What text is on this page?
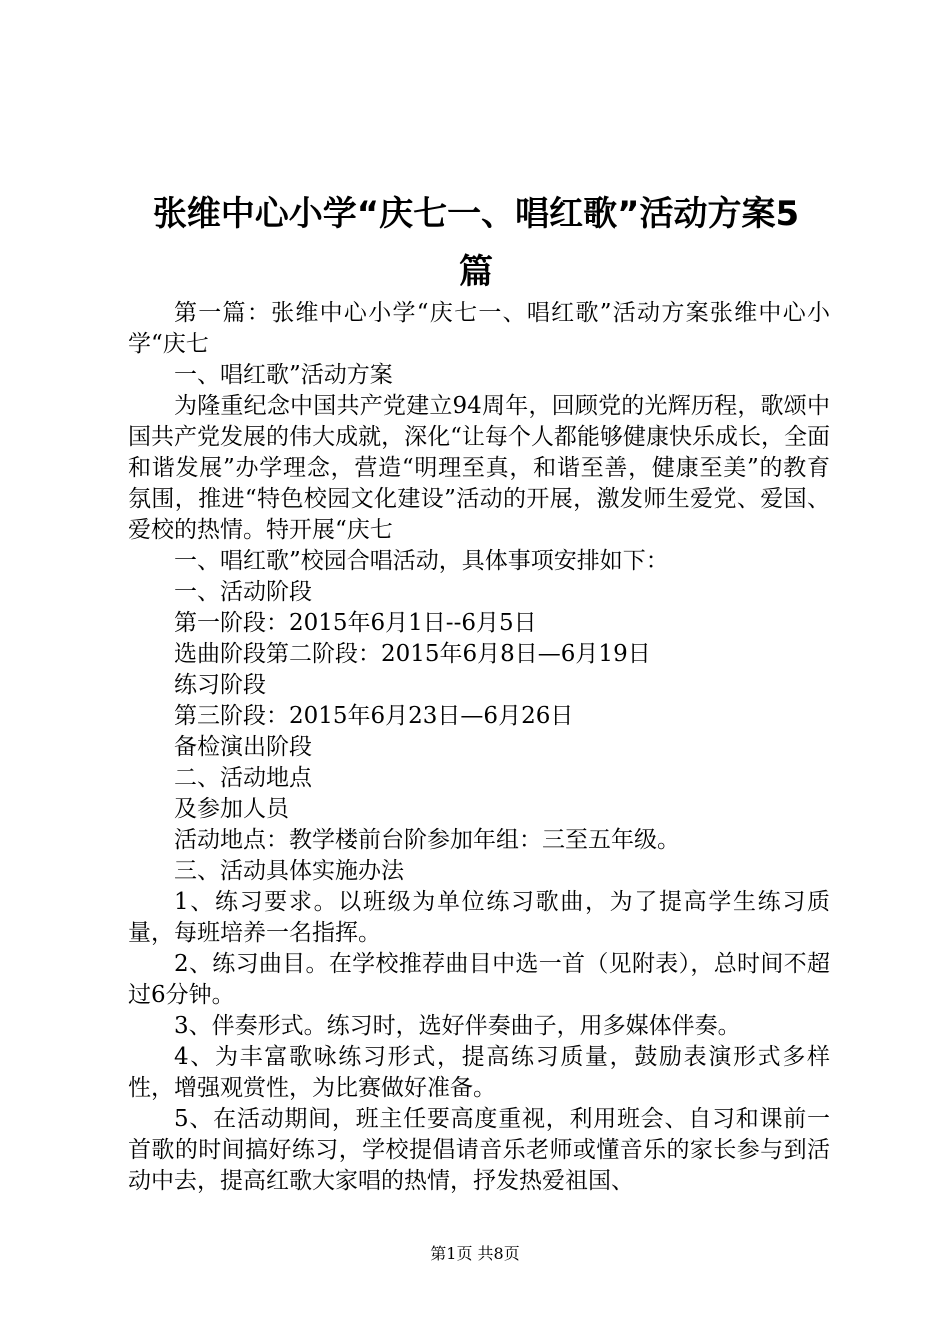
张维中心小学“庆七一、唱红歌”活动方案5
篇

第一篇：张维中心小学“庆七一、唱红歌”活动方案张维中心小学“庆七

一、唱红歌”活动方案

为隆重纪念中国共产党建立94周年，回顾党的光辉历程，歌颂中国共产党发展的伟大成就，深化“让每个人都能够健康快乐成长，全面和谐发展”办学理念，营造“明理至真，和谐至善，健康至美”的教育氛围，推进“特色校园文化建设”活动的开展，激发师生爱党、爱国、爱校的热情。特开展“庆七

一、唱红歌”校园合唱活动，具体事项安排如下：

一、活动阶段

第一阶段：2015年6月1日--6月5日

选曲阶段第二阶段：2015年6月8日—6月19日

练习阶段

第三阶段：2015年6月23日—6月26日

备检演出阶段

二、活动地点

及参加人员

活动地点：教学楼前台阶参加年组：三至五年级。

三、活动具体实施办法

1、练习要求。以班级为单位练习歌曲，为了提高学生练习质量，每班培养一名指挥。

2、练习曲目。在学校推荐曲目中选一首（见附表），总时间不超过6分钟。

3、伴奏形式。练习时，选好伴奏曲子，用多媒体伴奏。

4、为丰富歌咏练习形式，提高练习质量，鼓励表演形式多样性，增强观赏性，为比赛做好准备。

5、在活动期间，班主任要高度重视，利用班会、自习和课前一首歌的时间搞好练习，学校提倡请音乐老师或懂音乐的家长参与到活动中去，提高红歌大家唱的热情，抒发热爱祖国、

第1页 共8页
